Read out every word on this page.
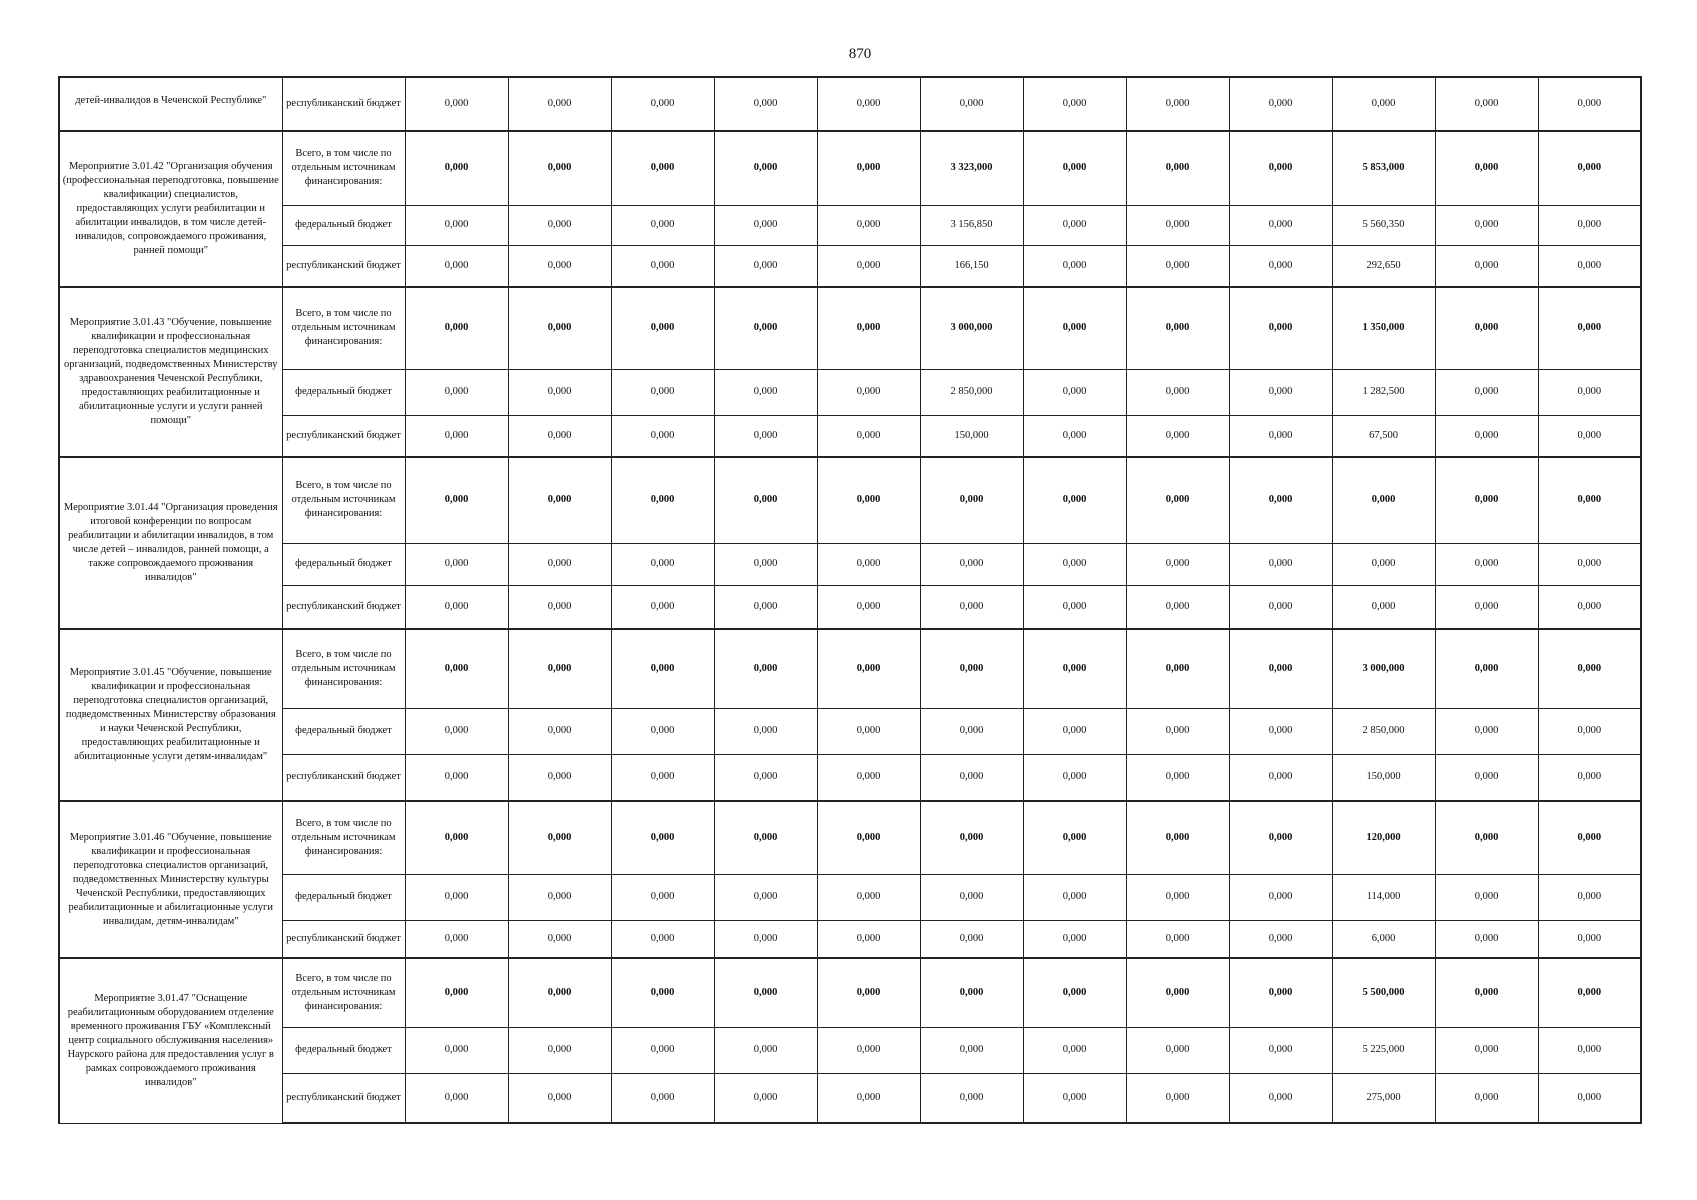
870
детей-инвалидов в Чеченской Республике"	республиканский бюджет	0,000	0,000	0,000	0,000	0,000	0,000	0,000	0,000	0,000	0,000	0,000	0,000
Мероприятие 3.01.42 "Организация обучения (профессиональная переподготовка, повышение квалификации) специалистов, предоставляющих услуги реабилитации и абилитации инвалидов, в том числе детей-инвалидов, сопровождаемого проживания, ранней помощи"	Всего, в том числе по отдельным источникам финансирования:	0,000	0,000	0,000	0,000	0,000	3 323,000	0,000	0,000	0,000	5 853,000	0,000	0,000
	федеральный бюджет	0,000	0,000	0,000	0,000	0,000	3 156,850	0,000	0,000	0,000	5 560,350	0,000	0,000
	республиканский бюджет	0,000	0,000	0,000	0,000	0,000	166,150	0,000	0,000	0,000	292,650	0,000	0,000
Мероприятие 3.01.43 "Обучение, повышение квалификации и профессиональная переподготовка специалистов медицинских организаций, подведомственных Министерству здравоохранения Чеченской Республики, предоставляющих реабилитационные и абилитационные услуги и услуги ранней помощи"	Всего, в том числе по отдельным источникам финансирования:	0,000	0,000	0,000	0,000	0,000	3 000,000	0,000	0,000	0,000	1 350,000	0,000	0,000
	федеральный бюджет	0,000	0,000	0,000	0,000	0,000	2 850,000	0,000	0,000	0,000	1 282,500	0,000	0,000
	республиканский бюджет	0,000	0,000	0,000	0,000	0,000	150,000	0,000	0,000	0,000	67,500	0,000	0,000
Мероприятие 3.01.44 "Организация проведения итоговой конференции по вопросам реабилитации и абилитации инвалидов, в том числе детей – инвалидов, ранней помощи, а также сопровождаемого проживания инвалидов"	Всего, в том числе по отдельным источникам финансирования:	0,000	0,000	0,000	0,000	0,000	0,000	0,000	0,000	0,000	0,000	0,000	0,000
	федеральный бюджет	0,000	0,000	0,000	0,000	0,000	0,000	0,000	0,000	0,000	0,000	0,000	0,000
	республиканский бюджет	0,000	0,000	0,000	0,000	0,000	0,000	0,000	0,000	0,000	0,000	0,000	0,000
Мероприятие 3.01.45 "Обучение, повышение квалификации и профессиональная переподготовка специалистов организаций, подведомственных Министерству образования и науки Чеченской Республики, предоставляющих реабилитационные и абилитационные услуги детям-инвалидам"	Всего, в том числе по отдельным источникам финансирования:	0,000	0,000	0,000	0,000	0,000	0,000	0,000	0,000	0,000	3 000,000	0,000	0,000
	федеральный бюджет	0,000	0,000	0,000	0,000	0,000	0,000	0,000	0,000	0,000	2 850,000	0,000	0,000
	республиканский бюджет	0,000	0,000	0,000	0,000	0,000	0,000	0,000	0,000	0,000	150,000	0,000	0,000
Мероприятие 3.01.46 "Обучение, повышение квалификации и профессиональная переподготовка специалистов организаций, подведомственных Министерству культуры Чеченской Республики, предоставляющих реабилитационные и абилитационные услуги инвалидам, детям-инвалидам"	Всего, в том числе по отдельным источникам финансирования:	0,000	0,000	0,000	0,000	0,000	0,000	0,000	0,000	0,000	120,000	0,000	0,000
	федеральный бюджет	0,000	0,000	0,000	0,000	0,000	0,000	0,000	0,000	0,000	114,000	0,000	0,000
	республиканский бюджет	0,000	0,000	0,000	0,000	0,000	0,000	0,000	0,000	0,000	6,000	0,000	0,000
Мероприятие 3.01.47 "Оснащение реабилитационным оборудованием отделение временного проживания ГБУ «Комплексный центр социального обслуживания населения» Наурского района для предоставления услуг в рамках сопровождаемого проживания инвалидов"	Всего, в том числе по отдельным источникам финансирования:	0,000	0,000	0,000	0,000	0,000	0,000	0,000	0,000	0,000	5 500,000	0,000	0,000
	федеральный бюджет	0,000	0,000	0,000	0,000	0,000	0,000	0,000	0,000	0,000	5 225,000	0,000	0,000
	республиканский бюджет	0,000	0,000	0,000	0,000	0,000	0,000	0,000	0,000	0,000	275,000	0,000	0,000
